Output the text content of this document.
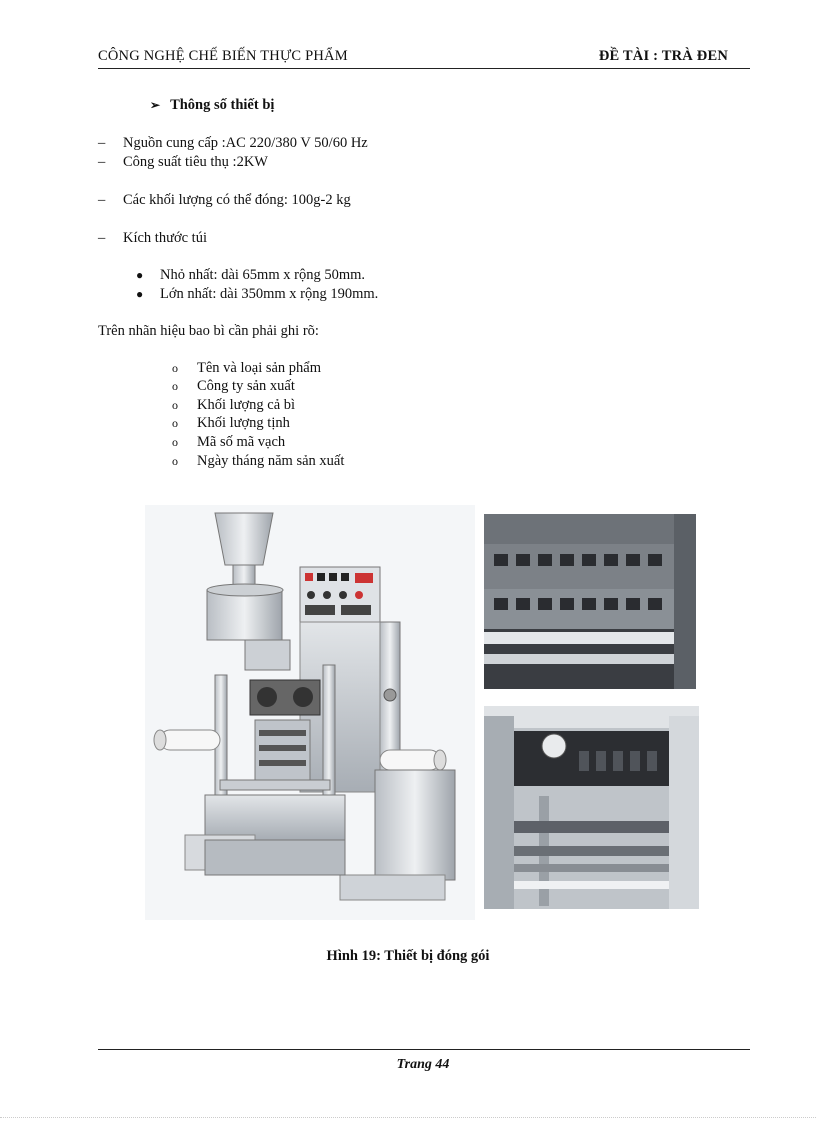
CÔNG NGHỆ CHẾ BIẾN THỰC PHẨM	ĐỀ TÀI : TRÀ ĐEN
➢ Thông số thiết bị
– Nguồn cung cấp :AC 220/380 V 50/60 Hz
– Công suất tiêu thụ :2KW
– Các khối lượng có thể đóng: 100g-2 kg
– Kích thước túi
● Nhỏ nhất: dài 65mm x rộng 50mm.
● Lớn nhất: dài 350mm x rộng 190mm.
Trên nhãn hiệu bao bì cần phải ghi rõ:
o Tên và loại sản phẩm
o Công ty sản xuất
o Khối lượng cả bì
o Khối lượng tịnh
o Mã số mã vạch
o Ngày tháng năm sản xuất
Hình 19: Thiết bị đóng gói
Trang 44
